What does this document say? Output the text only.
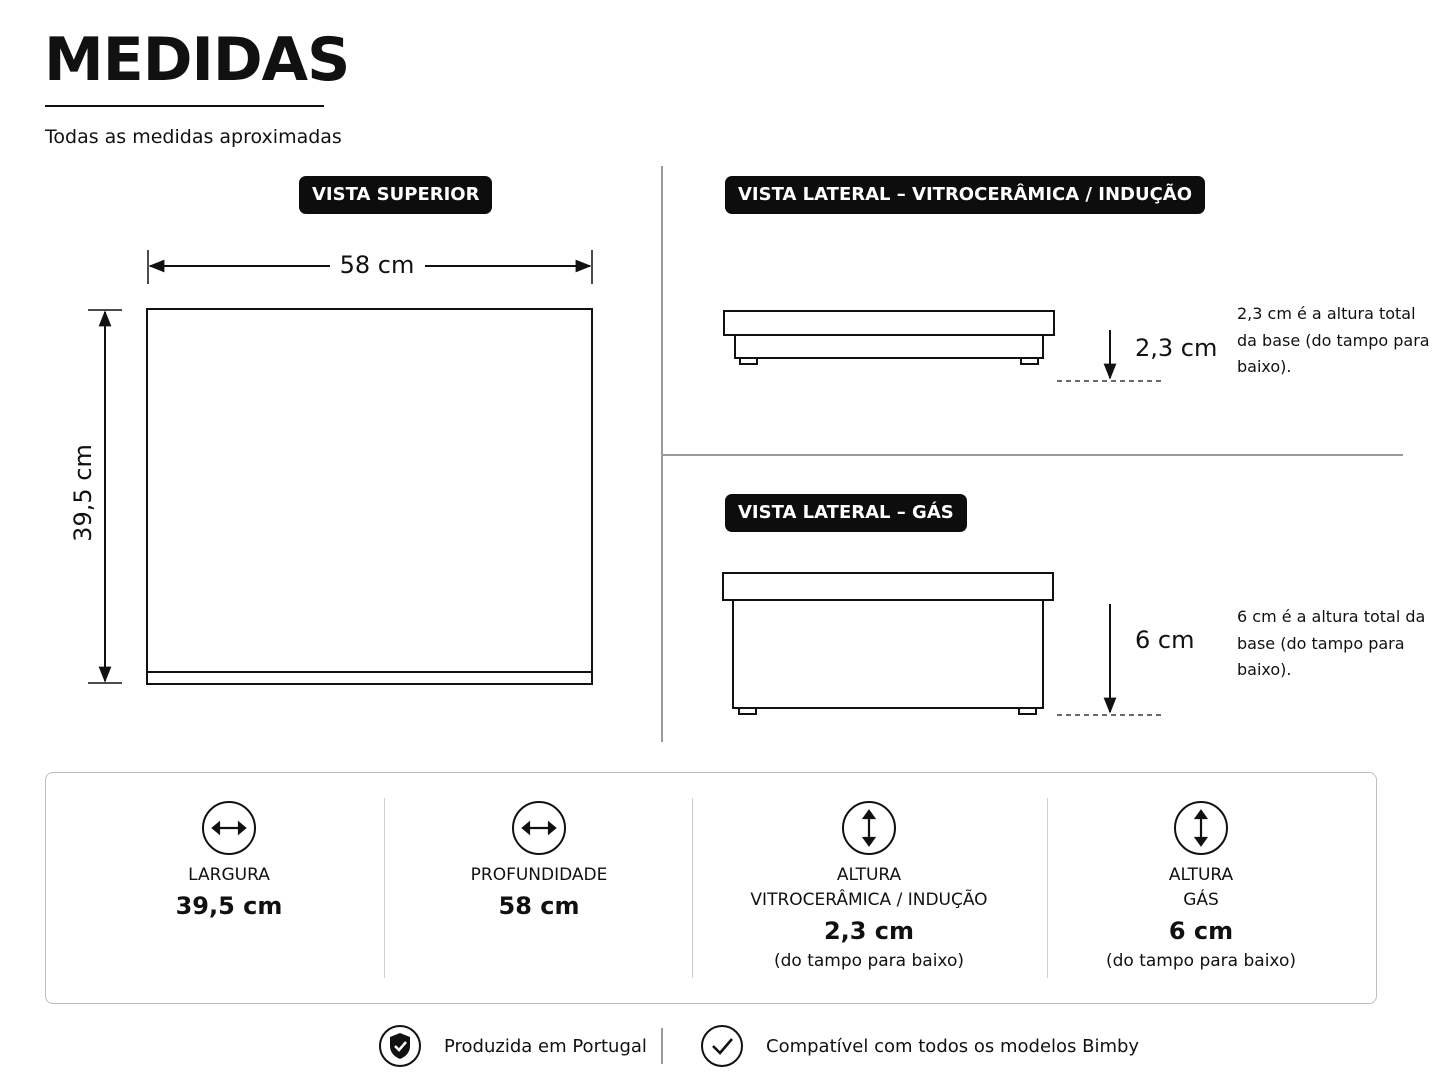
MEDIDAS
Todas as medidas aproximadas
VISTA SUPERIOR	VISTA LATERAL – VITROCERÂMICA / INDUÇÃO
VISTA LATERAL – GÁS
58 cm
39,5 cm
2,3 cm
6 cm
2,3 cm é a altura total da base (do tampo para baixo).
6 cm é a altura total da base (do tampo para baixo).
LARGURA
39,5 cm
PROFUNDIDADE
58 cm
ALTURA
VITROCERÂMICA / INDUÇÃO
2,3 cm
(do tampo para baixo)
ALTURA
GÁS
6 cm
(do tampo para baixo)
Produzida em Portugal	Compatível com todos os modelos Bimby
